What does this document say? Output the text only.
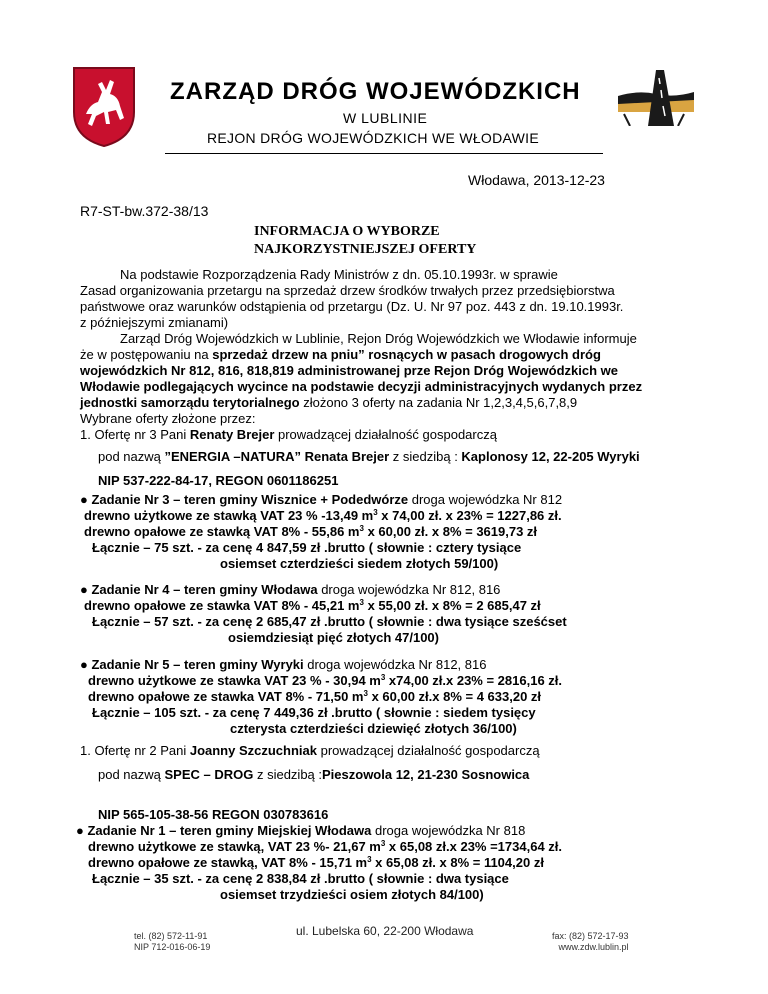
ZARZĄD DRÓG WOJEWÓDZKICH
W LUBLINIE
REJON DRÓG WOJEWÓDZKICH WE WŁODAWIE
Włodawa, 2013-12-23
R7-ST-bw.372-38/13
INFORMACJA O WYBORZE
NAJKORZYSTNIEJSZEJ OFERTY
Na podstawie Rozporządzenia Rady Ministrów z dn. 05.10.1993r. w sprawie
Zasad organizowania przetargu na sprzedaż drzew środków trwałych przez przedsiębiorstwa
państwowe oraz warunków odstąpienia od przetargu (Dz. U. Nr 97 poz. 443 z dn. 19.10.1993r.
z późniejszymi zmianami)
Zarząd Dróg Wojewódzkich w Lublinie, Rejon Dróg Wojewódzkich we Włodawie informuje
że w postępowaniu na sprzedaż drzew na pniu” rosnących w pasach drogowych dróg
wojewódzkich Nr 812, 816, 818,819 administrowanej prze Rejon Dróg Wojewódzkich we
Włodawie podlegających wycince na podstawie decyzji administracyjnych wydanych przez
jednostki samorządu terytorialnego złożono 3 oferty na zadania Nr 1,2,3,4,5,6,7,8,9
Wybrane oferty złożone przez:
1. Ofertę nr 3 Pani Renaty Brejer prowadzącej działalność gospodarczą
pod nazwą ”ENERGIA –NATURA” Renata Brejer z siedzibą : Kaplonosy 12, 22-205 Wyryki
NIP 537-222-84-17, REGON 0601186251
● Zadanie Nr 3 – teren gminy Wisznice + Podedwórze droga wojewódzka Nr 812
drewno użytkowe ze stawką VAT 23 % -13,49 $m^3$ x 74,00 zł. x 23% = 1227,86 zł.
drewno opałowe ze stawką VAT 8% - 55,86 $m^3$ x 60,00 zł. x 8% = 3619,73 zł
Łącznie – 75 szt. - za cenę 4 847,59 zł .brutto ( słownie : cztery tysiące
osiemset czterdzieści siedem złotych 59/100)
● Zadanie Nr 4 – teren gminy Włodawa droga wojewódzka Nr 812, 816
drewno opałowe ze stawka VAT 8% - 45,21 $m^3$ x 55,00 zł. x 8% = 2 685,47 zł
Łącznie – 57 szt. - za cenę 2 685,47 zł .brutto ( słownie : dwa tysiące sześćset
osiemdziesiąt pięć złotych 47/100)
● Zadanie Nr 5 – teren gminy Wyryki droga wojewódzka Nr 812, 816
drewno użytkowe ze stawka VAT 23 % - 30,94 $m^3$ x74,00 zł.x 23% = 2816,16 zł.
drewno opałowe ze stawka VAT 8% - 71,50 $m^3$ x 60,00 zł.x 8% = 4 633,20 zł
Łącznie – 105 szt. - za cenę 7 449,36 zł .brutto ( słownie : siedem tysięcy
czterysta czterdzieści dziewięć złotych 36/100)
1. Ofertę nr 2 Pani Joanny Szczuchniak prowadzącej działalność gospodarczą
pod nazwą SPEC – DROG z siedzibą :Pieszowola 12, 21-230 Sosnowica
NIP 565-105-38-56 REGON 030783616
● Zadanie Nr 1 – teren gminy Miejskiej Włodawa droga wojewódzka Nr 818
drewno użytkowe ze stawką, VAT 23 %- 21,67 $m^3$ x 65,08 zł.x 23% =1734,64 zł.
drewno opałowe ze stawką, VAT 8% - 15,71 $m^3$ x 65,08 zł. x 8% = 1104,20 zł
Łącznie – 35 szt. - za cenę 2 838,84 zł .brutto ( słownie : dwa tysiące
osiemset trzydzieści osiem złotych 84/100)
tel. (82) 572-11-91
NIP 712-016-06-19
ul. Lubelska 60, 22-200 Włodawa	fax: (82) 572-17-93
www.zdw.lublin.pl
